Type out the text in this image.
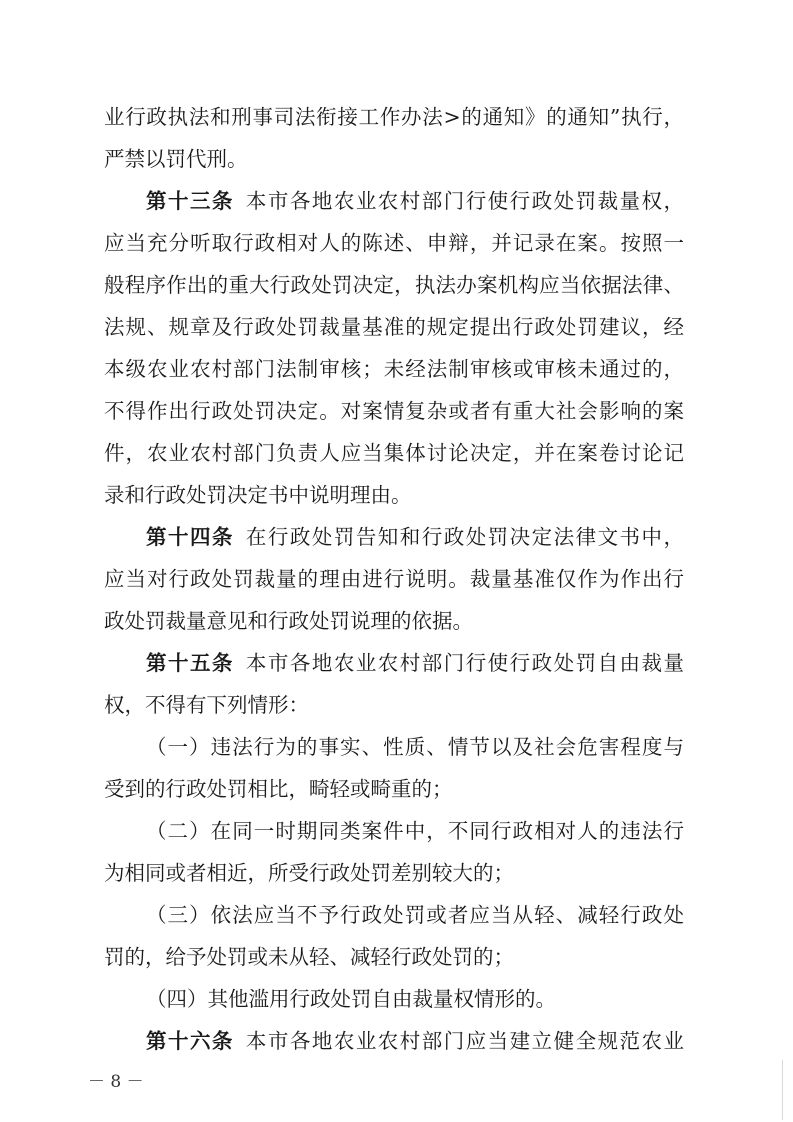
业行政执法和刑事司法衔接工作办法>的通知》的通知”执行，
严禁以罚代刑。
第十三条 本市各地农业农村部门行使行政处罚裁量权，
应当充分听取行政相对人的陈述、申辩，并记录在案。按照一
般程序作出的重大行政处罚决定，执法办案机构应当依据法律、
法规、规章及行政处罚裁量基准的规定提出行政处罚建议，经
本级农业农村部门法制审核；未经法制审核或审核未通过的，
不得作出行政处罚决定。对案情复杂或者有重大社会影响的案
件，农业农村部门负责人应当集体讨论决定，并在案卷讨论记
录和行政处罚决定书中说明理由。
第十四条 在行政处罚告知和行政处罚决定法律文书中，
应当对行政处罚裁量的理由进行说明。裁量基准仅作为作出行
政处罚裁量意见和行政处罚说理的依据。
第十五条 本市各地农业农村部门行使行政处罚自由裁量
权，不得有下列情形：
（一）违法行为的事实、性质、情节以及社会危害程度与
受到的行政处罚相比，畸轻或畸重的；
（二）在同一时期同类案件中，不同行政相对人的违法行
为相同或者相近，所受行政处罚差别较大的；
（三）依法应当不予行政处罚或者应当从轻、减轻行政处
罚的，给予处罚或未从轻、减轻行政处罚的；
（四）其他滥用行政处罚自由裁量权情形的。
第十六条 本市各地农业农村部门应当建立健全规范农业
－ 8 －
